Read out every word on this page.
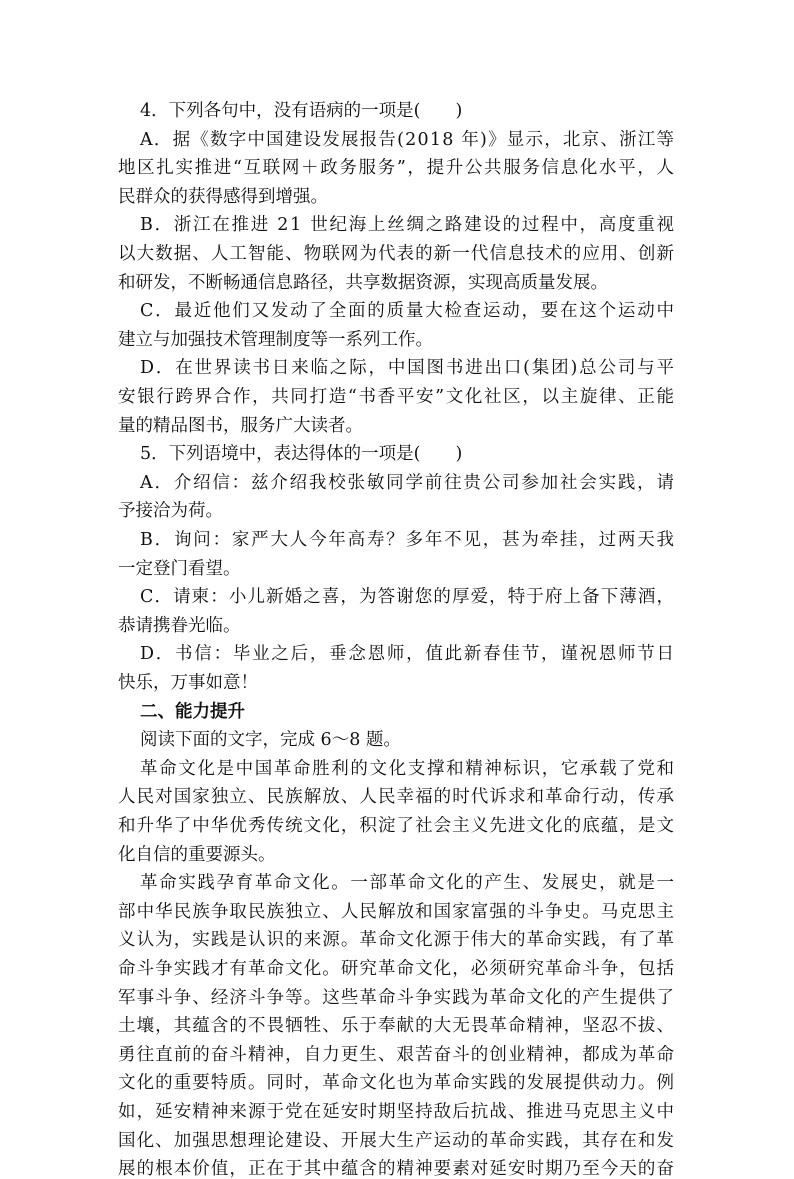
4．下列各句中，没有语病的一项是(　　)
A．据《数字中国建设发展报告(2018 年)》显示，北京、浙江等
地区扎实推进“互联网＋政务服务”，提升公共服务信息化水平，人
民群众的获得感得到增强。
B．浙江在推进 21 世纪海上丝绸之路建设的过程中，高度重视
以大数据、人工智能、物联网为代表的新一代信息技术的应用、创新
和研发，不断畅通信息路径，共享数据资源，实现高质量发展。
C．最近他们又发动了全面的质量大检查运动，要在这个运动中
建立与加强技术管理制度等一系列工作。
D．在世界读书日来临之际，中国图书进出口(集团)总公司与平
安银行跨界合作，共同打造“书香平安”文化社区，以主旋律、正能
量的精品图书，服务广大读者。
5．下列语境中，表达得体的一项是(　　)
A．介绍信：兹介绍我校张敏同学前往贵公司参加社会实践，请
予接洽为荷。
B．询问：家严大人今年高寿？多年不见，甚为牵挂，过两天我
一定登门看望。
C．请柬：小儿新婚之喜，为答谢您的厚爱，特于府上备下薄酒，
恭请携眷光临。
D．书信：毕业之后，垂念恩师，值此新春佳节，谨祝恩师节日
快乐，万事如意！
二、能力提升
阅读下面的文字，完成 6～8 题。
革命文化是中国革命胜利的文化支撑和精神标识，它承载了党和
人民对国家独立、民族解放、人民幸福的时代诉求和革命行动，传承
和升华了中华优秀传统文化，积淀了社会主义先进文化的底蕴，是文
化自信的重要源头。
革命实践孕育革命文化。一部革命文化的产生、发展史，就是一
部中华民族争取民族独立、人民解放和国家富强的斗争史。马克思主
义认为，实践是认识的来源。革命文化源于伟大的革命实践，有了革
命斗争实践才有革命文化。研究革命文化，必须研究革命斗争，包括
军事斗争、经济斗争等。这些革命斗争实践为革命文化的产生提供了
土壤，其蕴含的不畏牺牲、乐于奉献的大无畏革命精神，坚忍不拔、
勇往直前的奋斗精神，自力更生、艰苦奋斗的创业精神，都成为革命
文化的重要特质。同时，革命文化也为革命实践的发展提供动力。例
如，延安精神来源于党在延安时期坚持敌后抗战、推进马克思主义中
国化、加强思想理论建设、开展大生产运动的革命实践，其存在和发
展的根本价值，正在于其中蕴含的精神要素对延安时期乃至今天的奋
